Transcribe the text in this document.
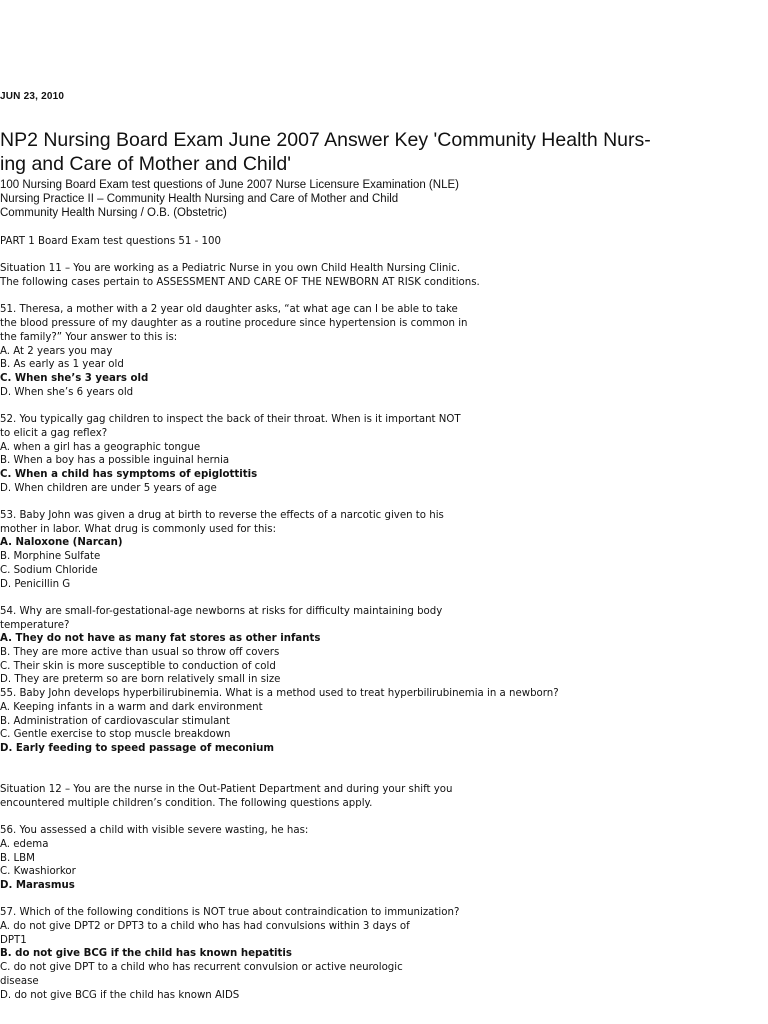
JUN 23, 2010
NP2 Nursing Board Exam June 2007 Answer Key 'Community Health Nurs-
ing and Care of Mother and Child'
100 Nursing Board Exam test questions of June 2007 Nurse Licensure Examination (NLE)
Nursing Practice II – Community Health Nursing and Care of Mother and Child
Community Health Nursing / O.B. (Obstetric)
PART 1 Board Exam test questions 51 - 100
Situation 11 – You are working as a Pediatric Nurse in you own Child Health Nursing Clinic.
The following cases pertain to ASSESSMENT AND CARE OF THE NEWBORN AT RISK conditions.
51. Theresa, a mother with a 2 year old daughter asks, “at what age can I be able to take
the blood pressure of my daughter as a routine procedure since hypertension is common in
the family?” Your answer to this is:
A. At 2 years you may
B. As early as 1 year old
C. When she’s 3 years old
D. When she’s 6 years old
52. You typically gag children to inspect the back of their throat. When is it important NOT
to elicit a gag reflex?
A. when a girl has a geographic tongue
B. When a boy has a possible inguinal hernia
C. When a child has symptoms of epiglottitis
D. When children are under 5 years of age
53. Baby John was given a drug at birth to reverse the effects of a narcotic given to his
mother in labor. What drug is commonly used for this:
A. Naloxone (Narcan)
B. Morphine Sulfate
C. Sodium Chloride
D. Penicillin G
54. Why are small-for-gestational-age newborns at risks for difficulty maintaining body
temperature?
A. They do not have as many fat stores as other infants
B. They are more active than usual so throw off covers
C. Their skin is more susceptible to conduction of cold
D. They are preterm so are born relatively small in size
55. Baby John develops hyperbilirubinemia. What is a method used to treat hyperbilirubinemia in a newborn?
A. Keeping infants in a warm and dark environment
B. Administration of cardiovascular stimulant
C. Gentle exercise to stop muscle breakdown
D. Early feeding to speed passage of meconium
Situation 12 – You are the nurse in the Out-Patient Department and during your shift you
encountered multiple children’s condition. The following questions apply.
56. You assessed a child with visible severe wasting, he has:
A. edema
B. LBM
C. Kwashiorkor
D. Marasmus
57. Which of the following conditions is NOT true about contraindication to immunization?
A. do not give DPT2 or DPT3 to a child who has had convulsions within 3 days of
DPT1
B. do not give BCG if the child has known hepatitis
C. do not give DPT to a child who has recurrent convulsion or active neurologic
disease
D. do not give BCG if the child has known AIDS
